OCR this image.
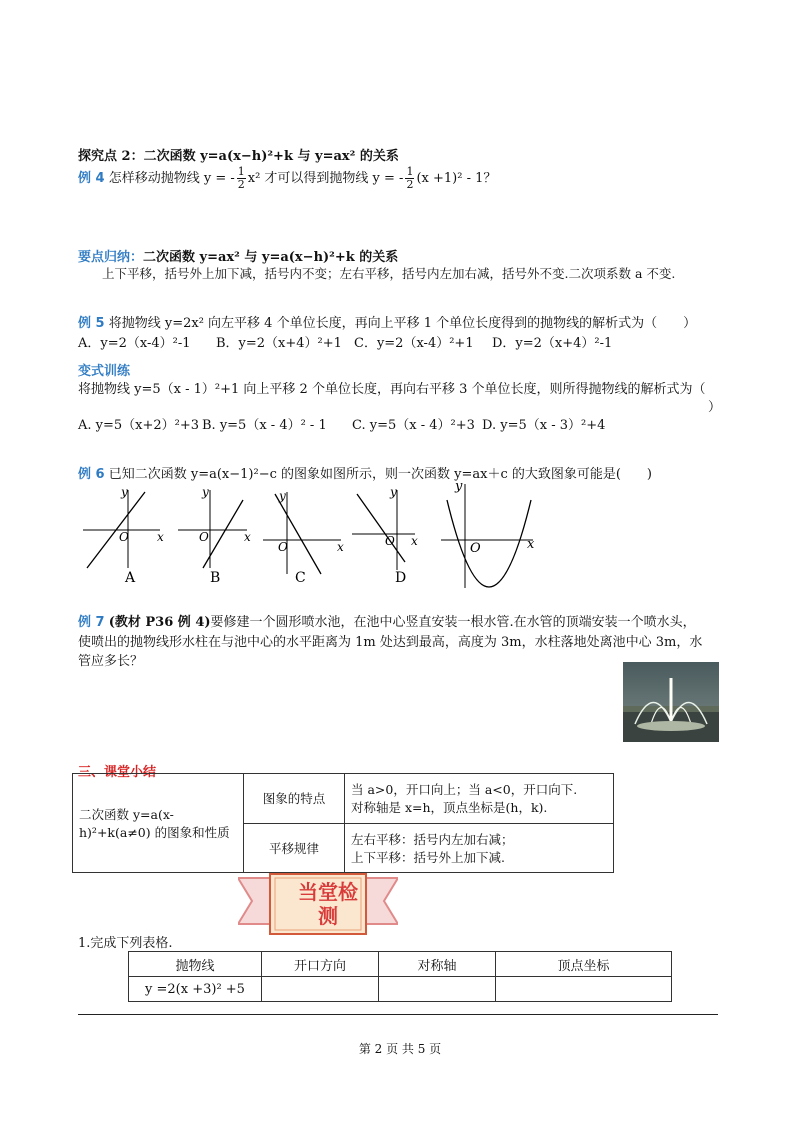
探究点 2：二次函数 y=a(x−h)²+k 与 y=ax² 的关系
例 4 怎样移动抛物线 y = - $\frac{1}{2} x^2$ 才可以得到抛物线 y = - $\frac{1}{2} (x +1)^2 - 1$？
要点归纳：二次函数 y=ax² 与 y=a(x−h)²+k 的关系
上下平移，括号外上加下减，括号内不变；左右平移，括号内左加右减，括号外不变.二次项系数 a 不变.
例 5 将抛物线 y=2x² 向左平移 4 个单位长度，再向上平移 1 个单位长度得到的抛物线的解析式为（　　）
A．y=2（x-4）²-1 B．y=2（x+4）²+1 C．y=2（x-4）²+1 D．y=2（x+4）²-1
变式训练
将抛物线 y=5（x - 1）²+1 向上平移 2 个单位长度，再向右平移 3 个单位长度，则所得抛物线的解析式为（
）
A. y=5（x+2）²+3 B. y=5（x - 4）² - 1 C. y=5（x - 4）²+3 D. y=5（x - 3）²+4
例 6 已知二次函数 y=a(x−1)²−c 的图象如图所示，则一次函数 y=ax＋c 的大致图象可能是(　　)
y
x
O
A
y
x
O
B
y
x
O
C
y
x
O
D
y
x
O
例 7 (教材 P36 例 4)要修建一个圆形喷水池，在池中心竖直安装一根水管.在水管的顶端安装一个喷水头，
使喷出的抛物线形水柱在与池中心的水平距离为 1m 处达到最高，高度为 3m，水柱落地处离池中心 3m，水
管应多长？
三、课堂小结
二次函数 y=a(x-h)²+k(a≠0) 的图象和性质	图象的特点	当 a>0，开口向上；当 a<0，开口向下.
对称轴是 x=h，顶点坐标是(h，k).

	平移规律	左右平移：括号内左加右减；
上下平移：括号外上加下减.
当堂检
测
1.完成下列表格.
抛物线	开口方向	对称轴	顶点坐标
y =2(x +3)² +5			
第 2 页 共 5 页
